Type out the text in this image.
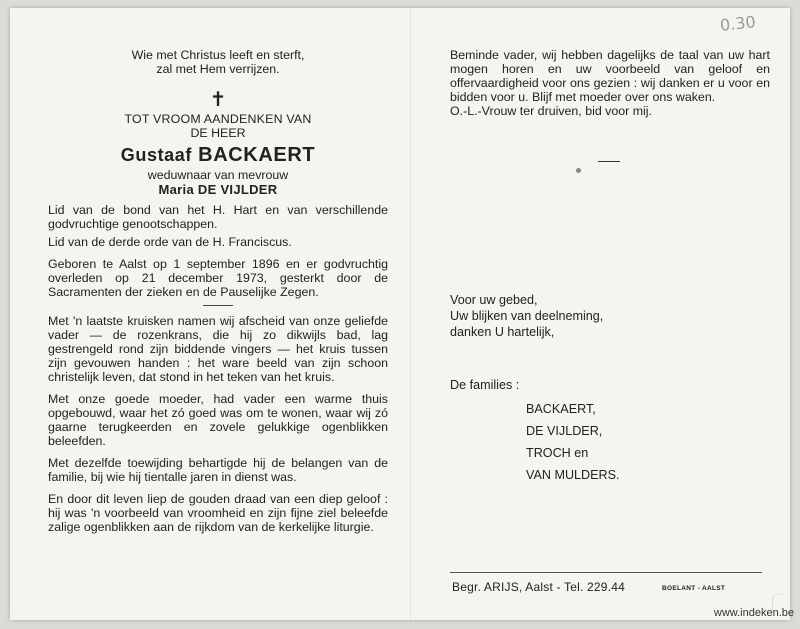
Wie met Christus leeft en sterft,
zal met Hem verrijzen.
✝
TOT VROOM AANDENKEN VAN
DE HEER
Gustaaf BACKAERT
weduwnaar van mevrouw
Maria DE VIJLDER
Lid van de bond van het H. Hart en van verschillende godvruchtige genootschappen.
Lid van de derde orde van de H. Franciscus.
Geboren te Aalst op 1 september 1896 en er godvruchtig overleden op 21 december 1973, gesterkt door de Sacramenten der zieken en de Pauselijke Zegen.
Met 'n laatste kruisken namen wij afscheid van onze geliefde vader — de rozenkrans, die hij zo dikwijls bad, lag gestrengeld rond zijn biddende vingers — het kruis tussen zijn gevouwen handen : het ware beeld van zijn schoon christelijk leven, dat stond in het teken van het kruis.
Met onze goede moeder, had vader een warme thuis opgebouwd, waar het zó goed was om te wonen, waar wij zó gaarne terugkeerden en zovele gelukkige ogenblikken beleefden.
Met dezelfde toewijding behartigde hij de belangen van de familie, bij wie hij tientalle jaren in dienst was.
En door dit leven liep de gouden draad van een diep geloof : hij was 'n voorbeeld van vroomheid en zijn fijne ziel beleefde zalige ogenblikken aan de rijkdom van de kerkelijke liturgie.
Beminde vader, wij hebben dagelijks de taal van uw hart mogen horen en uw voorbeeld van geloof en offervaardigheid voor ons gezien : wij danken er u voor en bidden voor u. Blijf met moeder over ons waken.
O.-L.-Vrouw ter druiven, bid voor mij.
Voor uw gebed,
Uw blijken van deelneming,
danken U hartelijk,
De families :
BACKAERT,
DE VIJLDER,
TROCH en
VAN MULDERS.
Begr. ARIJS, Aalst - Tel. 229.44	BOELANT - AALST
0.30
www.indeken.be
